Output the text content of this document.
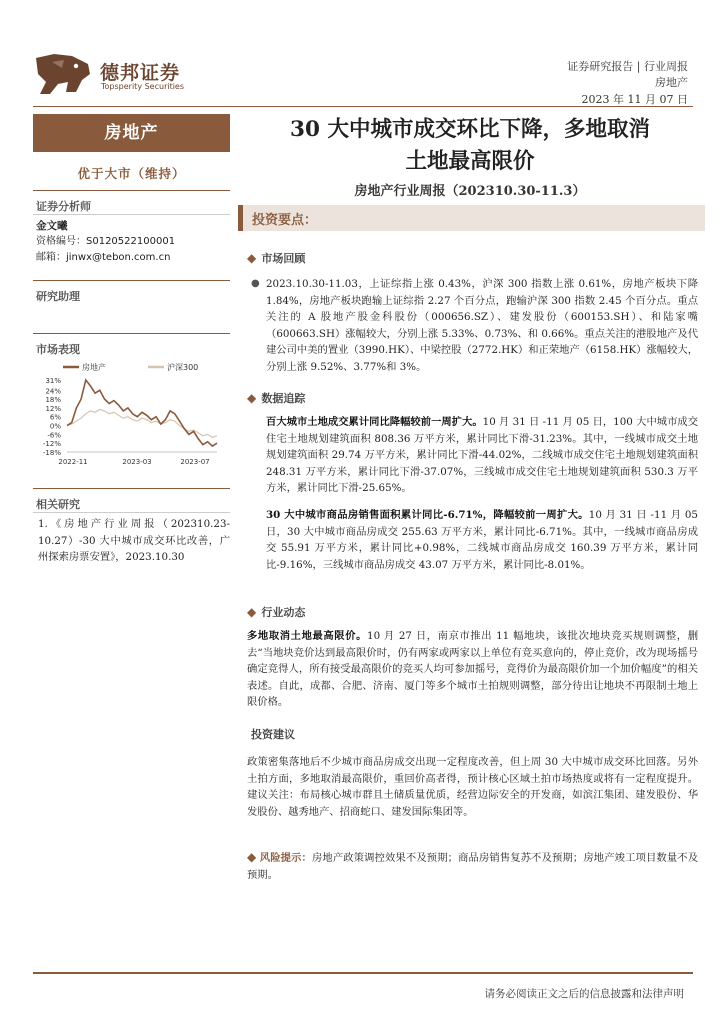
德邦证券
Topsperity Securities
证券研究报告 | 行业周报
房地产
2023 年 11 月 07 日
房地产
优于大市（维持）
证券分析师
金文曦
资格编号：S0120522100001
邮箱：jinwx@tebon.com.cn
研究助理
市场表现
房地产	沪深300
31%
24%
18%
12%
6%
0%
-6%
-12%
-18%
2022-11	2023-03	2023-07
相关研究
1.《房地产行业周报（202310.23-10.27）-30 大中城市成交环比改善，广州探索房票安置》，2023.10.30
30 大中城市成交环比下降，多地取消
土地最高限价
房地产行业周报（202310.30-11.3）
投资要点：
◆ 市场回顾
● 2023.10.30-11.03，上证综指上涨 0.43%，沪深 300 指数上涨 0.61%，房地产板块下降 1.84%，房地产板块跑输上证综指 2.27 个百分点，跑输沪深 300 指数 2.45 个百分点。重点关注的 A 股地产股金科股份（000656.SZ）、建发股份（600153.SH）、和陆家嘴（600663.SH）涨幅较大，分别上涨 5.33%、0.73%、和 0.66%。重点关注的港股地产及代建公司中美的置业（3990.HK）、中梁控股（2772.HK）和正荣地产（6158.HK）涨幅较大，分别上涨 9.52%、3.77%和 3%。
◆ 数据追踪
百大城市土地成交累计同比降幅较前一周扩大。10 月 31 日 -11 月 05 日，100 大中城市成交住宅土地规划建筑面积 808.36 万平方米，累计同比下滑-31.23%。其中，一线城市成交土地规划建筑面积 29.74 万平方米，累计同比下滑-44.02%，二线城市成交住宅土地规划建筑面积 248.31 万平方米，累计同比下滑-37.07%，三线城市成交住宅土地规划建筑面积 530.3 万平方米，累计同比下滑-25.65%。
30 大中城市商品房销售面积累计同比-6.71%，降幅较前一周扩大。10 月 31 日 -11 月 05 日，30 大中城市商品房成交 255.63 万平方米，累计同比-6.71%。其中，一线城市商品房成交 55.91 万平方米，累计同比+0.98%，二线城市商品房成交 160.39 万平方米，累计同比-9.16%，三线城市商品房成交 43.07 万平方米，累计同比-8.01%。
◆ 行业动态
多地取消土地最高限价。10 月 27 日，南京市推出 11 幅地块，该批次地块竞买规则调整，删去“当地块竞价达到最高限价时，仍有两家或两家以上单位有竞买意向的，停止竞价，改为现场摇号确定竞得人，所有接受最高限价的竞买人均可参加摇号，竞得价为最高限价加一个加价幅度”的相关表述。自此，成都、合肥、济南、厦门等多个城市土拍规则调整，部分待出让地块不再限制土地上限价格。
投资建议
政策密集落地后不少城市商品房成交出现一定程度改善，但上周 30 大中城市成交环比回落。另外土拍方面，多地取消最高限价，重回价高者得，预计核心区域土拍市场热度或将有一定程度提升。建议关注：布局核心城市群且土储质量优质，经营边际安全的开发商，如滨江集团、建发股份、华发股份、越秀地产、招商蛇口、建发国际集团等。
◆ 风险提示：房地产政策调控效果不及预期；商品房销售复苏不及预期；房地产竣工项目数量不及预期。
请务必阅读正文之后的信息披露和法律声明
